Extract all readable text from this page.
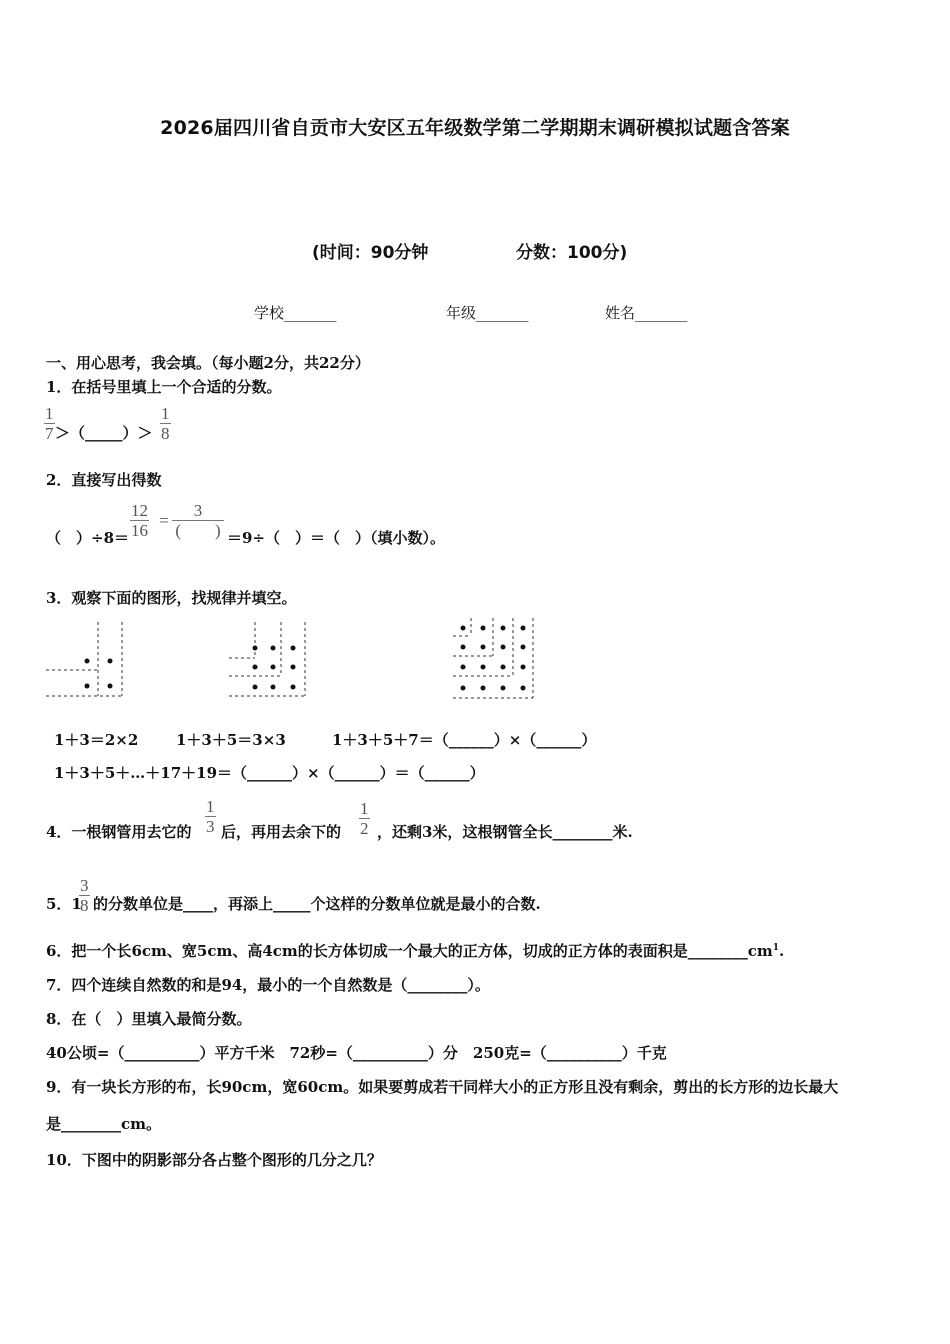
2026届四川省自贡市大安区五年级数学第二学期期末调研模拟试题含答案
(时间：90分钟	分数：100分)
学校_______	年级_______	姓名_______
一、用心思考，我会填。（每小题2分，共22分）
1．在括号里填上一个合适的分数。
1
7 ＞（_____）＞
1
8
2．直接写出得数
（　）÷8＝
12
16
=
3
(　　) ＝9÷（　）＝（　）（填小数）。
3．观察下面的图形，找规律并填空。
1＋3＝2×2	1＋3＋5＝3×3	1＋3＋5＋7＝（______）×（______）
1＋3＋5＋…＋17＋19＝（______）×（______）＝（______）
4．一根钢管用去它的
1
3 后，再用去余下的
1
2 ，还剩3米，这根钢管全长________米.
5．1
3
8 的分数单位是____，再添上_____个这样的分数单位就是最小的合数.
6．把一个长6cm、宽5cm、高4cm的长方体切成一个最大的正方体，切成的正方体的表面积是$\_\_\_\_\_\_\_\_cm^1$.
7．四个连续自然数的和是94，最小的一个自然数是（________）。
8．在（　）里填入最简分数。
40公顷=（__________）平方千米　72秒=（__________）分　250克=（__________）千克
9．有一块长方形的布，长90cm，宽60cm。如果要剪成若干同样大小的正方形且没有剩余，剪出的长方形的边长最大
是________cm。
10．下图中的阴影部分各占整个图形的几分之几？
